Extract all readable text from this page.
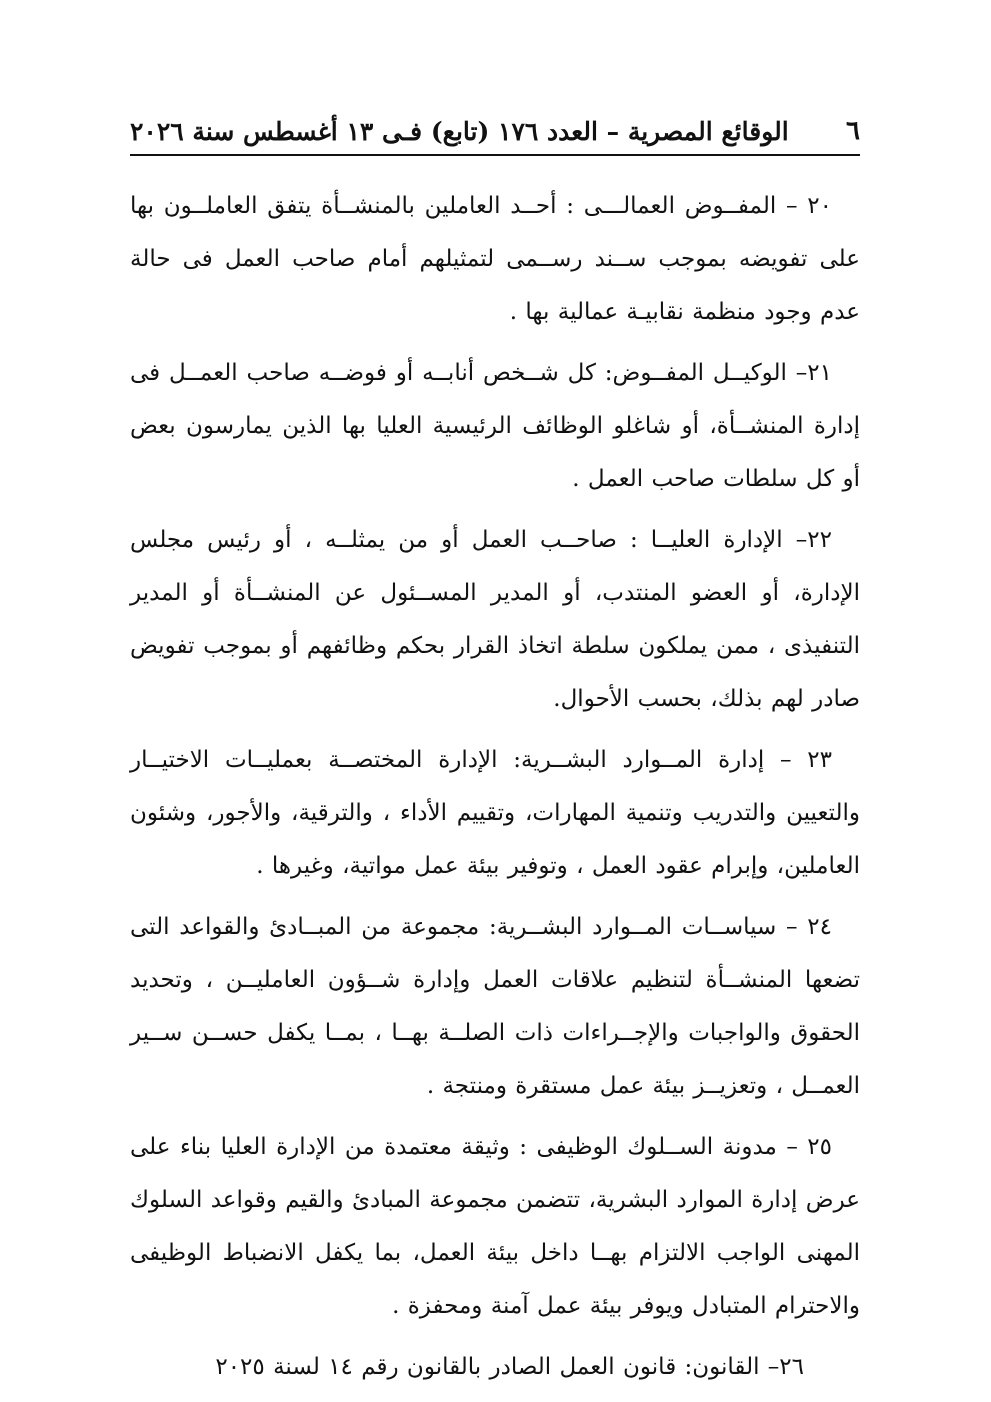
٦
الوقائع المصرية – العدد ١٧٦ (تابع) فـى ١٣ أغسطس سنة ٢٠٢٦

٢٠ – المفــوض العمالـــى : أحــد العاملين بالمنشــأة يتفق العاملــون بها على تفويضه بموجب ســند رســمى لتمثيلهم أمام صاحب العمل فى حالة عدم وجود منظمة نقابيـة عمالية بها .

٢١– الوكيــل المفــوض: كل شــخص أنابــه أو فوضــه صاحب العمــل فى إدارة المنشــأة، أو شاغلو الوظائف الرئيسية العليا بها الذين يمارسون بعض أو كل سلطات صاحب العمل .

٢٢– الإدارة العليــا : صاحــب العمل أو من يمثلــه ، أو رئيس مجلس الإدارة، أو العضو المنتدب، أو المدير المســئول عن المنشــأة أو المدير التنفيذى ، ممن يملكون سلطة اتخاذ القرار بحكم وظائفهم أو بموجب تفويض صادر لهم بذلك، بحسب الأحوال.

٢٣ – إدارة المــوارد البشــرية: الإدارة المختصــة بعمليــات الاختيــار والتعيين والتدريب وتنمية المهارات، وتقييم الأداء ، والترقية، والأجور، وشئون العاملين، وإبرام عقود العمل ، وتوفير بيئة عمل مواتية، وغيرها .

٢٤ – سياســات المــوارد البشــرية: مجموعة من المبــادئ والقواعد التى تضعها المنشــأة لتنظيم علاقات العمل وإدارة شــؤون العامليــن ، وتحديد الحقوق والواجبات والإجــراءات ذات الصلــة بهــا ، بمــا يكفل حســن ســير العمــل ، وتعزيــز بيئة عمل مستقرة ومنتجة .

٢٥ – مدونة الســلوك الوظيفى : وثيقة معتمدة من الإدارة العليا بناء على عرض إدارة الموارد البشرية، تتضمن مجموعة المبادئ والقيم وقواعد السلوك المهنى الواجب الالتزام بهــا داخل بيئة العمل، بما يكفل الانضباط الوظيفى والاحترام المتبادل ويوفر بيئة عمل آمنة ومحفزة .

٢٦– القانون: قانون العمل الصادر بالقانون رقم ١٤ لسنة ٢٠٢٥
